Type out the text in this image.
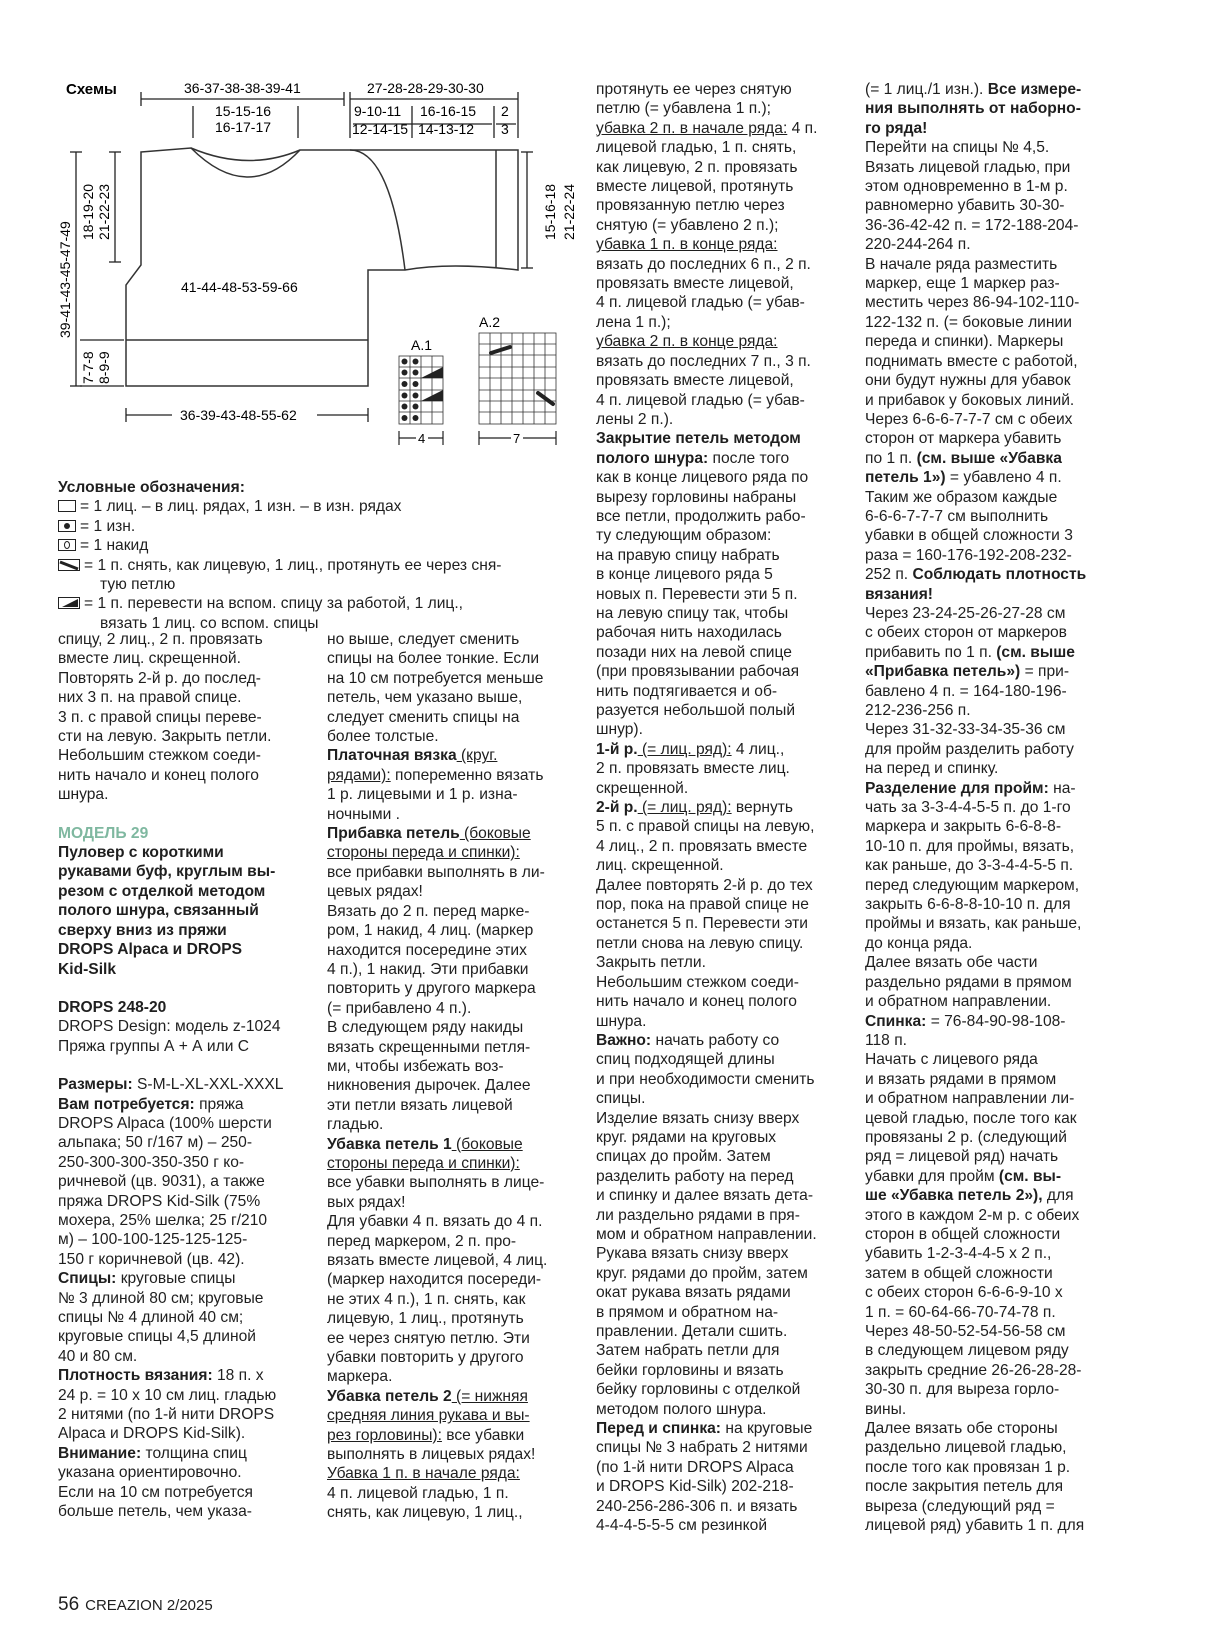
Схемы	36-37-38-38-39-41	27-28-28-29-30-30
15-15-16
16-17-17
9-10-11
12-14-15
16-16-15
14-13-12
2
3
39-41-43-45-47-49
18-19-20 21-22-23
7-7-8 8-9-9
15-16-18 21-22-24
41-44-48-53-59-66
36-39-43-48-55-62
A.1
4
A.2
7

Условные обозначения:

= 1 лиц. – в лиц. рядах, 1 изн. – в изн. рядах
= 1 изн.
= 1 накид
= 1 п. снять, как лицевую, 1 лиц., протянуть ее через сня-
тую петлю
= 1 п. перевести на вспом. спицу за работой, 1 лиц.,
вязать 1 лиц. со вспом. спицы

спицу, 2 лиц., 2 п. провязать

вместе лиц. скрещенной.

Повторять 2-й р. до послед-

них 3 п. на правой спице.

3 п. с правой спицы переве-

сти на левую. Закрыть петли.

Небольшим стежком соеди-

нить начало и конец полого

шнура.

МОДЕЛЬ 29

Пуловер с короткими

рукавами буф, круглым вы-

резом с отделкой методом

полого шнура, связанный

сверху вниз из пряжи

DROPS Alpaca и DROPS

Kid-Silk

DROPS 248-20

DROPS Design: модель z-1024

Пряжа группы А + А или С

Размеры: S-M-L-XL-XXL-XXXL

Вам потребуется: пряжа

DROPS Alpaca (100% шерсти

альпака; 50 г/167 м) – 250-

250-300-300-350-350 г ко-

ричневой (цв. 9031), а также

пряжа DROPS Kid-Silk (75%

мохера, 25% шелка; 25 г/210

м) – 100-100-125-125-125-

150 г коричневой (цв. 42).

Спицы: круговые спицы

№ 3 длиной 80 см; круговые

спицы № 4 длиной 40 см;

круговые спицы 4,5 длиной

40 и 80 см.

Плотность вязания: 18 п. х

24 р. = 10 х 10 см лиц. гладью

2 нитями (по 1-й нити DROPS

Alpaca и DROPS Kid-Silk).

Внимание: толщина спиц

указана ориентировочно.

Если на 10 см потребуется

больше петель, чем указа-

но выше, следует сменить

спицы на более тонкие. Если

на 10 см потребуется меньше

петель, чем указано выше,

следует сменить спицы на

более толстые.

Платочная вязка (круг.

рядами): попеременно вязать

1 р. лицевыми и 1 р. изна-

ночными .

Прибавка петель (боковые

стороны переда и спинки):

все прибавки выполнять в ли-

цевых рядах!

Вязать до 2 п. перед марке-

ром, 1 накид, 4 лиц. (маркер

находится посередине этих

4 п.), 1 накид. Эти прибавки

повторить у другого маркера

(= прибавлено 4 п.).

В следующем ряду накиды

вязать скрещенными петля-

ми, чтобы избежать воз-

никновения дырочек. Далее

эти петли вязать лицевой

гладью.

Убавка петель 1 (боковые

стороны переда и спинки):

все убавки выполнять в лице-

вых рядах!

Для убавки 4 п. вязать до 4 п.

перед маркером, 2 п. про-

вязать вместе лицевой, 4 лиц.

(маркер находится посереди-

не этих 4 п.), 1 п. снять, как

лицевую, 1 лиц., протянуть

ее через снятую петлю. Эти

убавки повторить у другого

маркера.

Убавка петель 2 (= нижняя

средняя линия рукава и вы-

рез горловины): все убавки

выполнять в лицевых рядах!

Убавка 1 п. в начале ряда:

4 п. лицевой гладью, 1 п.

снять, как лицевую, 1 лиц.,

протянуть ее через снятую

петлю (= убавлена 1 п.);

убавка 2 п. в начале ряда: 4 п.

лицевой гладью, 1 п. снять,

как лицевую, 2 п. провязать

вместе лицевой, протянуть

провязанную петлю через

снятую (= убавлено 2 п.);

убавка 1 п. в конце ряда:

вязать до последних 6 п., 2 п.

провязать вместе лицевой,

4 п. лицевой гладью (= убав-

лена 1 п.);

убавка 2 п. в конце ряда:

вязать до последних 7 п., 3 п.

провязать вместе лицевой,

4 п. лицевой гладью (= убав-

лены 2 п.).

Закрытие петель методом

полого шнура: после того

как в конце лицевого ряда по

вырезу горловины набраны

все петли, продолжить рабо-

ту следующим образом:

на правую спицу набрать

в конце лицевого ряда 5

новых п. Перевести эти 5 п.

на левую спицу так, чтобы

рабочая нить находилась

позади них на левой спице

(при провязывании рабочая

нить подтягивается и об-

разуется небольшой полый

шнур).

1-й р. (= лиц. ряд): 4 лиц.,

2 п. провязать вместе лиц.

скрещенной.

2-й р. (= лиц. ряд): вернуть

5 п. с правой спицы на левую,

4 лиц., 2 п. провязать вместе

лиц. скрещенной.

Далее повторять 2-й р. до тех

пор, пока на правой спице не

останется 5 п. Перевести эти

петли снова на левую спицу.

Закрыть петли.

Небольшим стежком соеди-

нить начало и конец полого

шнура.

Важно: начать работу со

спиц подходящей длины

и при необходимости сменить

спицы.

Изделие вязать снизу вверх

круг. рядами на круговых

спицах до пройм. Затем

разделить работу на перед

и спинку и далее вязать дета-

ли раздельно рядами в пря-

мом и обратном направлении.

Рукава вязать снизу вверх

круг. рядами до пройм, затем

окат рукава вязать рядами

в прямом и обратном на-

правлении. Детали сшить.

Затем набрать петли для

бейки горловины и вязать

бейку горловины с отделкой

методом полого шнура.

Перед и спинка: на круговые

спицы № 3 набрать 2 нитями

(по 1-й нити DROPS Alpaca

и DROPS Kid-Silk) 202-218-

240-256-286-306 п. и вязать

4-4-4-5-5-5 см резинкой

(= 1 лиц./1 изн.). Все измере-

ния выполнять от наборно-

го ряда!

Перейти на спицы № 4,5.

Вязать лицевой гладью, при

этом одновременно в 1-м р.

равномерно убавить 30-30-

36-36-42-42 п. = 172-188-204-

220-244-264 п.

В начале ряда разместить

маркер, еще 1 маркер раз-

местить через 86-94-102-110-

122-132 п. (= боковые линии

переда и спинки). Маркеры

поднимать вместе с работой,

они будут нужны для убавок

и прибавок у боковых линий.

Через 6-6-6-7-7-7 см с обеих

сторон от маркера убавить

по 1 п. (см. выше «Убавка

петель 1») = убавлено 4 п.

Таким же образом каждые

6-6-6-7-7-7 см выполнить

убавки в общей сложности 3

раза = 160-176-192-208-232-

252 п. Соблюдать плотность

вязания!

Через 23-24-25-26-27-28 см

с обеих сторон от маркеров

прибавить по 1 п. (см. выше

«Прибавка петель») = при-

бавлено 4 п. = 164-180-196-

212-236-256 п.

Через 31-32-33-34-35-36 см

для пройм разделить работу

на перед и спинку.

Разделение для пройм: на-

чать за 3-3-4-4-5-5 п. до 1-го

маркера и закрыть 6-6-8-8-

10-10 п. для проймы, вязать,

как раньше, до 3-3-4-4-5-5 п.

перед следующим маркером,

закрыть 6-6-8-8-10-10 п. для

проймы и вязать, как раньше,

до конца ряда.

Далее вязать обе части

раздельно рядами в прямом

и обратном направлении.

Спинка: = 76-84-90-98-108-

118 п.

Начать с лицевого ряда

и вязать рядами в прямом

и обратном направлении ли-

цевой гладью, после того как

провязаны 2 р. (следующий

ряд = лицевой ряд) начать

убавки для пройм (см. вы-

ше «Убавка петель 2»), для

этого в каждом 2-м р. с обеих

сторон в общей сложности

убавить 1-2-3-4-4-5 х 2 п.,

затем в общей сложности

с обеих сторон 6-6-6-9-10 х

1 п. = 60-64-66-70-74-78 п.

Через 48-50-52-54-56-58 см

в следующем лицевом ряду

закрыть средние 26-26-28-28-

30-30 п. для выреза горло-

вины.

Далее вязать обе стороны

раздельно лицевой гладью,

после того как провязан 1 р.

после закрытия петель для

выреза (следующий ряд =

лицевой ряд) убавить 1 п. для

56 CREAZION 2/2025
